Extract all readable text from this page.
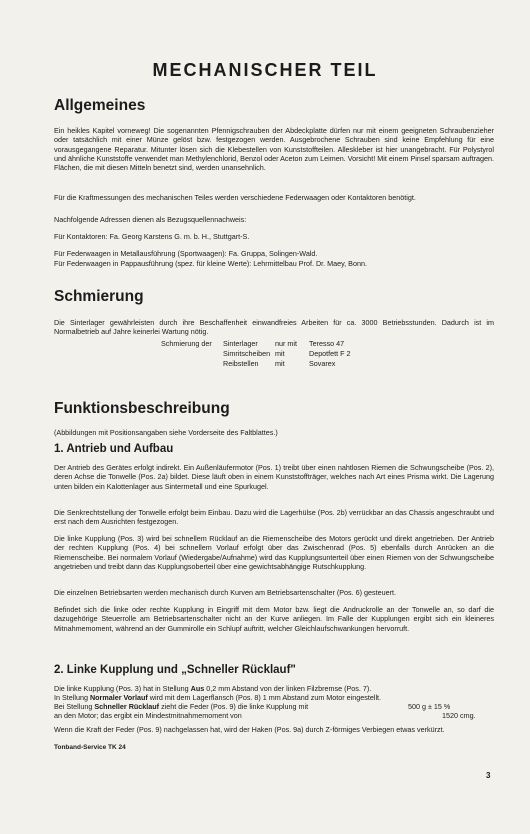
MECHANISCHER TEIL
Allgemeines
Ein heikles Kapitel vorneweg! Die sogenannten Pfennigschrauben der Abdeckplatte dürfen nur mit einem geeigneten Schraubenzieher oder tatsächlich mit einer Münze gelöst bzw. festgezogen werden. Ausgebrochene Schrauben sind keine Empfehlung für eine vorausgegangene Reparatur. Mitunter lösen sich die Klebestellen von Kunststoffteilen. Alleskleber ist hier unangebracht. Für Polystyrol und ähnliche Kunststoffe verwendet man Methylenchlorid, Benzol oder Aceton zum Leimen. Vorsicht! Mit einem Pinsel sparsam auftragen. Flächen, die mit diesen Mitteln benetzt sind, werden unansehnlich.
Für die Kraftmessungen des mechanischen Teiles werden verschiedene Federwaagen oder Kontaktoren benötigt.
Nachfolgende Adressen dienen als Bezugsquellennachweis:
Für Kontaktoren: Fa. Georg Karstens G. m. b. H., Stuttgart-S.
Für Federwaagen in Metallausführung (Sportwaagen): Fa. Gruppa, Solingen-Wald.
Für Federwaagen in Pappausführung (spez. für kleine Werte): Lehrmittelbau Prof. Dr. Maey, Bonn.
Schmierung
Die Sinterlager gewährleisten durch ihre Beschaffenheit einwandfreies Arbeiten für ca. 3000 Betriebsstunden. Dadurch ist im Normalbetrieb auf Jahre keinerlei Wartung nötig.
Schmierung der Sinterlager nur mit Teresso 47
Simritscheiben mit	Depotfett F 2
Reibstellen mit	Sovarex
Funktionsbeschreibung
(Abbildungen mit Positionsangaben siehe Vorderseite des Faltblattes.)
1. Antrieb und Aufbau
Der Antrieb des Gerätes erfolgt indirekt. Ein Außenläufermotor (Pos. 1) treibt über einen nahtlosen Riemen die Schwungscheibe (Pos. 2), deren Achse die Tonwelle (Pos. 2a) bildet. Diese läuft oben in einem Kunststoffträger, welches nach Art eines Prisma wirkt. Die Lagerung unten bilden ein Kalottenlager aus Sintermetall und eine Spurkugel.
Die Senkrechtstellung der Tonwelle erfolgt beim Einbau. Dazu wird die Lagerhülse (Pos. 2b) verrückbar an das Chassis angeschraubt und erst nach dem Ausrichten festgezogen.
Die linke Kupplung (Pos. 3) wird bei schnellem Rücklauf an die Riemenscheibe des Motors gerückt und direkt angetrieben. Der Antrieb der rechten Kupplung (Pos. 4) bei schnellem Vorlauf erfolgt über das Zwischenrad (Pos. 5) ebenfalls durch Anrücken an die Riemenscheibe. Bei normalem Vorlauf (Wiedergabe/Aufnahme) wird das Kupplungsunterteil über einen Riemen von der Schwungscheibe angetrieben und treibt dann das Kupplungsoberteil über eine gewichtsabhängige Rutschkupplung.
Die einzelnen Betriebsarten werden mechanisch durch Kurven am Betriebsartenschalter (Pos. 6) gesteuert.
Befindet sich die linke oder rechte Kupplung in Eingriff mit dem Motor bzw. liegt die Andruckrolle an der Tonwelle an, so darf die dazugehörige Steuerrolle am Betriebsartenschalter nicht an der Kurve anliegen. Im Falle der Kupplungen ergibt sich ein kleineres Mitnahmemoment, während an der Gummirolle ein Schlupf auftritt, welcher Gleichlaufschwankungen hervorruft.
2. Linke Kupplung und „Schneller Rücklauf"
Die linke Kupplung (Pos. 3) hat in Stellung Aus 0,2 mm Abstand von der linken Filzbremse (Pos. 7).
In Stellung Normaler Vorlauf wird mit dem Lagerflansch (Pos. 8) 1 mm Abstand zum Motor eingestellt.
Bei Stellung Schneller Rücklauf zieht die Feder (Pos. 9) die linke Kupplung mit	500 g ± 15 %
an den Motor; das ergibt ein Mindestmitnahmemoment von	1520 cmg.
Wenn die Kraft der Feder (Pos. 9) nachgelassen hat, wird der Haken (Pos. 9a) durch Z-förmiges Verbiegen etwas verkürzt.
Tonband-Service TK 24
3
